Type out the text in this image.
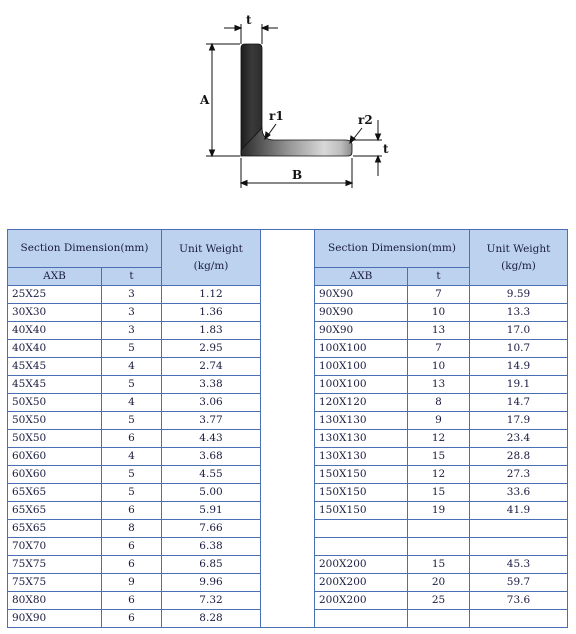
t
A
r1	r2
t
B
Section Dimension(mm)		Unit Weight (kg/m)		Section Dimension(mm)		Unit Weight (kg/m)
AXB	t			AXB	t	
25X25	3	1.12		90X90	7	9.59
30X30	3	1.36		90X90	10	13.3
40X40	3	1.83		90X90	13	17.0
40X40	5	2.95		100X100	7	10.7
45X45	4	2.74		100X100	10	14.9
45X45	5	3.38		100X100	13	19.1
50X50	4	3.06		120X120	8	14.7
50X50	5	3.77		130X130	9	17.9
50X50	6	4.43		130X130	12	23.4
60X60	4	3.68		130X130	15	28.8
60X60	5	4.55		150X150	12	27.3
65X65	5	5.00		150X150	15	33.6
65X65	6	5.91		150X150	19	41.9
65X65	8	7.66				
70X70	6	6.38				
75X75	6	6.85		200X200	15	45.3
75X75	9	9.96		200X200	20	59.7
80X80	6	7.32		200X200	25	73.6
90X90	6	8.28				
